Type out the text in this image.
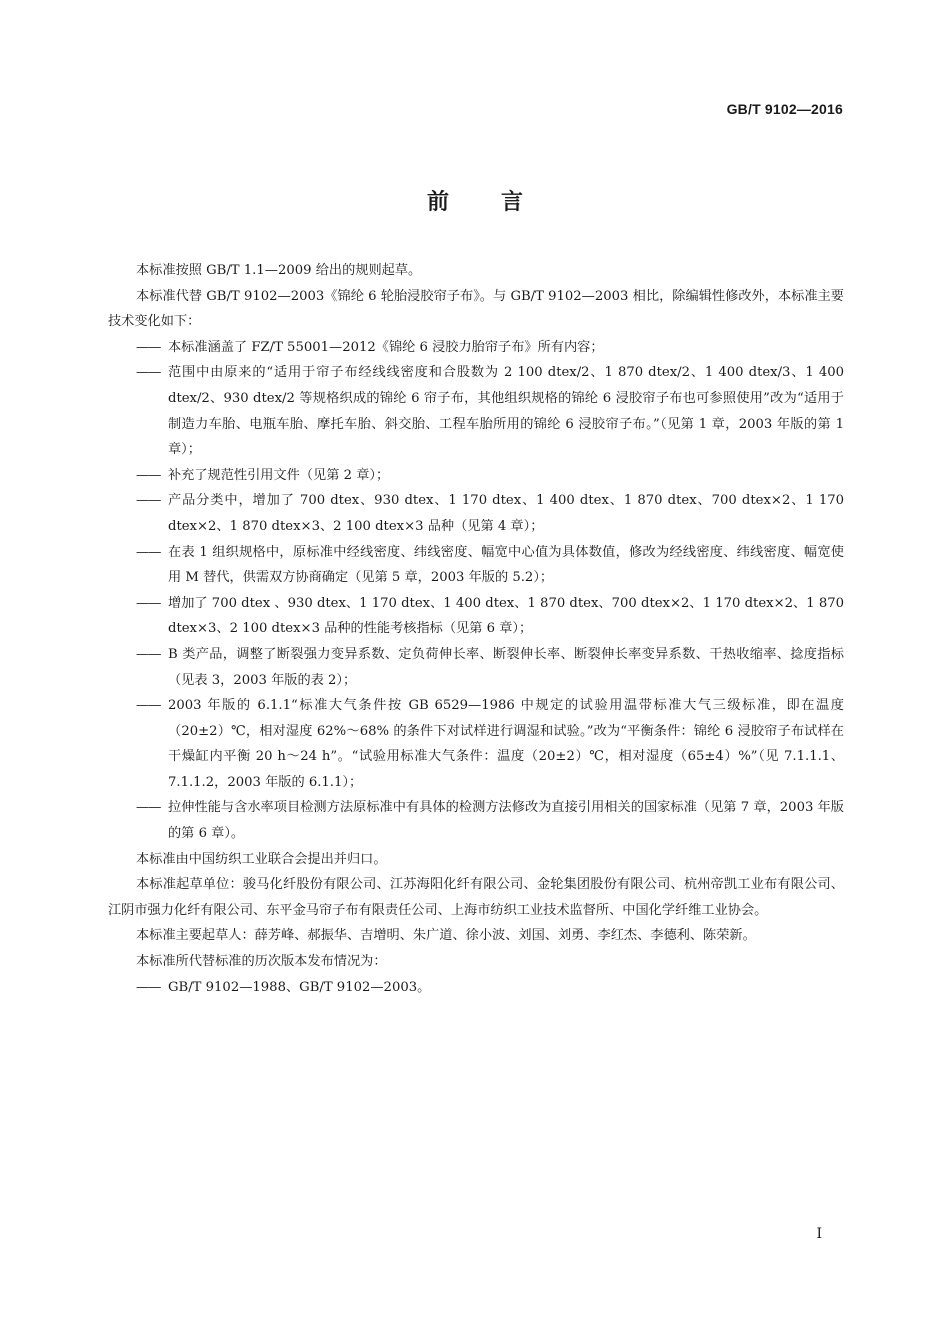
GB/T 9102—2016
前言

本标准按照 GB/T 1.1—2009 给出的规则起草。

本标准代替 GB/T 9102—2003《锦纶 6 轮胎浸胶帘子布》。与 GB/T 9102—2003 相比，除编辑性修改外，本标准主要技术变化如下：

—— 本标准涵盖了 FZ/T 55001—2012《锦纶 6 浸胶力胎帘子布》所有内容；
—— 范围中由原来的“适用于帘子布经线线密度和合股数为 2 100 dtex/2、1 870 dtex/2、1 400 dtex/3、1 400 dtex/2、930 dtex/2 等规格织成的锦纶 6 帘子布，其他组织规格的锦纶 6 浸胶帘子布也可参照使用”改为“适用于制造力车胎、电瓶车胎、摩托车胎、斜交胎、工程车胎所用的锦纶 6 浸胶帘子布。”（见第 1 章，2003 年版的第 1 章）；
—— 补充了规范性引用文件（见第 2 章）；
—— 产品分类中，增加了 700 dtex、930 dtex、1 170 dtex、1 400 dtex、1 870 dtex、700 dtex×2、1 170 dtex×2、1 870 dtex×3、2 100 dtex×3 品种（见第 4 章）；
—— 在表 1 组织规格中，原标准中经线密度、纬线密度、幅宽中心值为具体数值，修改为经线密度、纬线密度、幅宽使用 M 替代，供需双方协商确定（见第 5 章，2003 年版的 5.2）；
—— 增加了 700 dtex 、930 dtex、1 170 dtex、1 400 dtex、1 870 dtex、700 dtex×2、1 170 dtex×2、1 870 dtex×3、2 100 dtex×3 品种的性能考核指标（见第 6 章）；
—— B 类产品，调整了断裂强力变异系数、定负荷伸长率、断裂伸长率、断裂伸长率变异系数、干热收缩率、捻度指标（见表 3，2003 年版的表 2）；
—— 2003 年版的 6.1.1“标准大气条件按 GB 6529—1986 中规定的试验用温带标准大气三级标准，即在温度（20±2）℃，相对湿度 62%～68% 的条件下对试样进行调湿和试验。”改为“平衡条件：锦纶 6 浸胶帘子布试样在干燥缸内平衡 20 h～24 h”。“试验用标准大气条件：温度（20±2）℃，相对湿度（65±4）%”（见 7.1.1.1、7.1.1.2，2003 年版的 6.1.1）；
—— 拉伸性能与含水率项目检测方法原标准中有具体的检测方法修改为直接引用相关的国家标准（见第 7 章，2003 年版的第 6 章）。

本标准由中国纺织工业联合会提出并归口。

本标准起草单位：骏马化纤股份有限公司、江苏海阳化纤有限公司、金轮集团股份有限公司、杭州帝凯工业布有限公司、江阴市强力化纤有限公司、东平金马帘子布有限责任公司、上海市纺织工业技术监督所、中国化学纤维工业协会。

本标准主要起草人：薛芳峰、郝振华、吉增明、朱广道、徐小波、刘国、刘勇、李红杰、李德利、陈荣新。

本标准所代替标准的历次版本发布情况为：

—— GB/T 9102—1988、GB/T 9102—2003。
I
